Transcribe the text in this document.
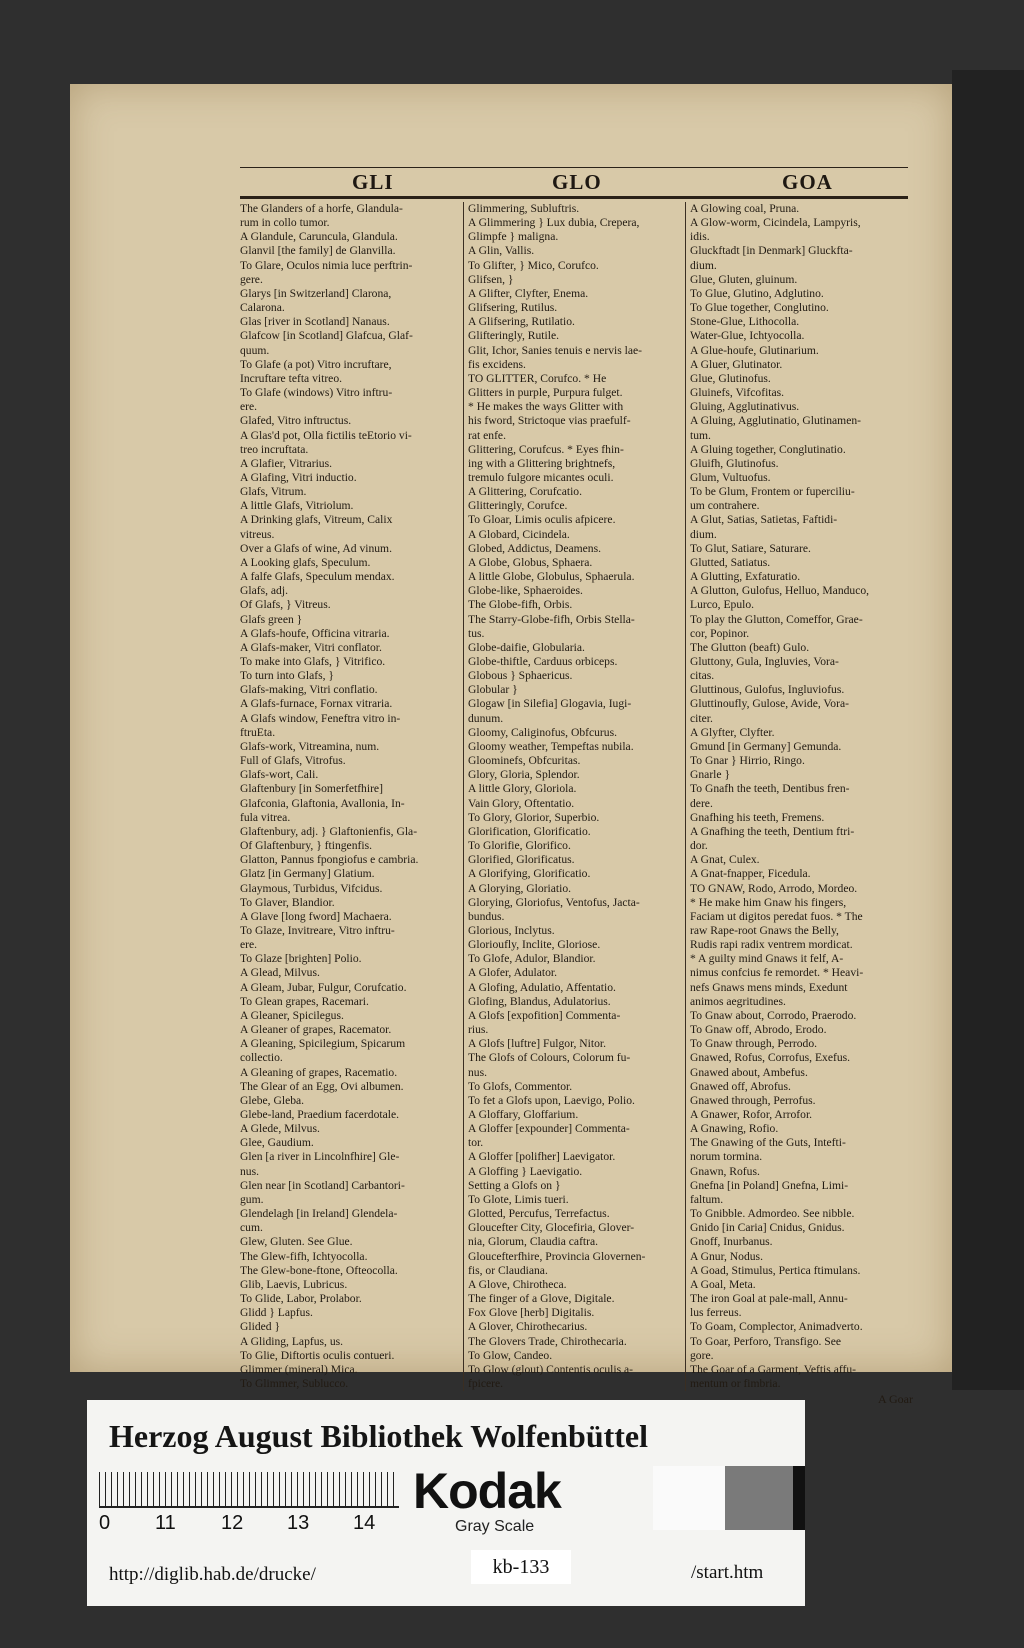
GLI	GLO	GOA
The Glanders of a horfe, Glandula-
rum in collo tumor.
A Glandule, Caruncula, Glandula.
Glanvil [the family] de Glanvilla.
To Glare, Oculos nimia luce perftrin-
gere.
Glarys [in Switzerland] Clarona,
Calarona.
Glas [river in Scotland] Nanaus.
Glafcow [in Scotland] Glafcua, Glaf-
quum.
To Glafe (a pot) Vitro incruftare,
Incruftare tefta vitreo.
To Glafe (windows) Vitro inftru-
ere.
Glafed, Vitro inftructus.
A Glas'd pot, Olla fictilis teEtorio vi-
treo incruftata.
A Glafier, Vitrarius.
A Glafing, Vitri inductio.
Glafs, Vitrum.
A little Glafs, Vitriolum.
A Drinking glafs, Vitreum, Calix
vitreus.
Over a Glafs of wine, Ad vinum.
A Looking glafs, Speculum.
A falfe Glafs, Speculum mendax.
Glafs, adj.
Of Glafs, } Vitreus.
Glafs green }
A Glafs-houfe, Officina vitraria.
A Glafs-maker, Vitri conflator.
To make into Glafs, } Vitrifico.
To turn into Glafs, }
Glafs-making, Vitri conflatio.
A Glafs-furnace, Fornax vitraria.
A Glafs window, Feneftra vitro in-
ftruEta.
Glafs-work, Vitreamina, num.
Full of Glafs, Vitrofus.
Glafs-wort, Cali.
Glaftenbury [in Somerfetfhire]
Glafconia, Glaftonia, Avallonia, In-
fula vitrea.
Glaftenbury, adj. } Glaftonienfis, Gla-
Of Glaftenbury, } ftingenfis.
Glatton, Pannus fpongiofus e cambria.
Glatz [in Germany] Glatium.
Glaymous, Turbidus, Vifcidus.
To Glaver, Blandior.
A Glave [long fword] Machaera.
To Glaze, Invitreare, Vitro inftru-
ere.
To Glaze [brighten] Polio.
A Glead, Milvus.
A Gleam, Jubar, Fulgur, Corufcatio.
To Glean grapes, Racemari.
A Gleaner, Spicilegus.
A Gleaner of grapes, Racemator.
A Gleaning, Spicilegium, Spicarum
collectio.
A Gleaning of grapes, Racematio.
The Glear of an Egg, Ovi albumen.
Glebe, Gleba.
Glebe-land, Praedium facerdotale.
A Glede, Milvus.
Glee, Gaudium.
Glen [a river in Lincolnfhire] Gle-
nus.
Glen near [in Scotland] Carbantori-
gum.
Glendelagh [in Ireland] Glendela-
cum.
Glew, Gluten. See Glue.
The Glew-fifh, Ichtyocolla.
The Glew-bone-ftone, Ofteocolla.
Glib, Laevis, Lubricus.
To Glide, Labor, Prolabor.
Glidd } Lapfus.
Glided }
A Gliding, Lapfus, us.
To Glie, Diftortis oculis contueri.
Glimmer (mineral) Mica.
To Glimmer, Sublucco.
Glimmering, Subluftris.
A Glimmering } Lux dubia, Crepera,
Glimpfe } maligna.
A Glin, Vallis.
To Glifter, } Mico, Corufco.
Glifsen, }
A Glifter, Clyfter, Enema.
Glifsering, Rutilus.
A Glifsering, Rutilatio.
Glifteringly, Rutile.
Glit, Ichor, Sanies tenuis e nervis lae-
fis excidens.
TO GLITTER, Corufco. * He
Glitters in purple, Purpura fulget.
* He makes the ways Glitter with
his fword, Strictoque vias praefulf-
rat enfe.
Glittering, Corufcus. * Eyes fhin-
ing with a Glittering brightnefs,
tremulo fulgore micantes oculi.
A Glittering, Corufcatio.
Glitteringly, Corufce.
To Gloar, Limis oculis afpicere.
A Globard, Cicindela.
Globed, Addictus, Deamens.
A Globe, Globus, Sphaera.
A little Globe, Globulus, Sphaerula.
Globe-like, Sphaeroides.
The Globe-fifh, Orbis.
The Starry-Globe-fifh, Orbis Stella-
tus.
Globe-daifie, Globularia.
Globe-thiftle, Carduus orbiceps.
Globous } Sphaericus.
Globular }
Glogaw [in Silefia] Glogavia, Iugi-
dunum.
Gloomy, Caliginofus, Obfcurus.
Gloomy weather, Tempeftas nubila.
Gloominefs, Obfcuritas.
Glory, Gloria, Splendor.
A little Glory, Gloriola.
Vain Glory, Oftentatio.
To Glory, Glorior, Superbio.
Glorification, Glorificatio.
To Glorifie, Glorifico.
Glorified, Glorificatus.
A Glorifying, Glorificatio.
A Glorying, Gloriatio.
Glorying, Gloriofus, Ventofus, Jacta-
bundus.
Glorious, Inclytus.
Glorioufly, Inclite, Gloriose.
To Glofe, Adulor, Blandior.
A Glofer, Adulator.
A Glofing, Adulatio, Affentatio.
Glofing, Blandus, Adulatorius.
A Glofs [expofition] Commenta-
rius.
A Glofs [luftre] Fulgor, Nitor.
The Glofs of Colours, Colorum fu-
nus.
To Glofs, Commentor.
To fet a Glofs upon, Laevigo, Polio.
A Gloffary, Gloffarium.
A Gloffer [expounder] Commenta-
tor.
A Gloffer [polifher] Laevigator.
A Gloffing } Laevigatio.
Setting a Glofs on }
To Glote, Limis tueri.
Glotted, Percufus, Terrefactus.
Gloucefter City, Glocefiria, Glover-
nia, Glorum, Claudia caftra.
Gloucefterfhire, Provincia Glovernen-
fis, or Claudiana.
A Glove, Chirotheca.
The finger of a Glove, Digitale.
Fox Glove [herb] Digitalis.
A Glover, Chirothecarius.
The Glovers Trade, Chirothecaria.
To Glow, Candeo.
To Glow (glout) Contentis oculis a-
fpicere.
A Glowing coal, Pruna.
A Glow-worm, Cicindela, Lampyris,
idis.
Gluckftadt [in Denmark] Gluckfta-
dium.
Glue, Gluten, gluinum.
To Glue, Glutino, Adglutino.
To Glue together, Conglutino.
Stone-Glue, Lithocolla.
Water-Glue, Ichtyocolla.
A Glue-houfe, Glutinarium.
A Gluer, Glutinator.
Glue, Glutinofus.
Gluinefs, Vifcofitas.
Gluing, Agglutinativus.
A Gluing, Agglutinatio, Glutinamen-
tum.
A Gluing together, Conglutinatio.
Gluifh, Glutinofus.
Glum, Vultuofus.
To be Glum, Frontem or fuperciliu-
um contrahere.
A Glut, Satias, Satietas, Faftidi-
dium.
To Glut, Satiare, Saturare.
Glutted, Satiatus.
A Glutting, Exfaturatio.
A Glutton, Gulofus, Helluo, Manduco,
Lurco, Epulo.
To play the Glutton, Comeffor, Grae-
cor, Popinor.
The Glutton (beaft) Gulo.
Gluttony, Gula, Ingluvies, Vora-
citas.
Gluttinous, Gulofus, Ingluviofus.
Gluttinoufly, Gulose, Avide, Vora-
citer.
A Glyfter, Clyfter.
Gmund [in Germany] Gemunda.
To Gnar } Hirrio, Ringo.
Gnarle }
To Gnafh the teeth, Dentibus fren-
dere.
Gnafhing his teeth, Fremens.
A Gnafhing the teeth, Dentium ftri-
dor.
A Gnat, Culex.
A Gnat-fnapper, Ficedula.
TO GNAW, Rodo, Arrodo, Mordeo.
* He make him Gnaw his fingers,
Faciam ut digitos peredat fuos. * The
raw Rape-root Gnaws the Belly,
Rudis rapi radix ventrem mordicat.
* A guilty mind Gnaws it felf, A-
nimus confcius fe remordet. * Heavi-
nefs Gnaws mens minds, Exedunt
animos aegritudines.
To Gnaw about, Corrodo, Praerodo.
To Gnaw off, Abrodo, Erodo.
To Gnaw through, Perrodo.
Gnawed, Rofus, Corrofus, Exefus.
Gnawed about, Ambefus.
Gnawed off, Abrofus.
Gnawed through, Perrofus.
A Gnawer, Rofor, Arrofor.
A Gnawing, Rofio.
The Gnawing of the Guts, Intefti-
norum tormina.
Gnawn, Rofus.
Gnefna [in Poland] Gnefna, Limi-
faltum.
To Gnibble. Admordeo. See nibble.
Gnido [in Caria] Cnidus, Gnidus.
Gnoff, Inurbanus.
A Gnur, Nodus.
A Goad, Stimulus, Pertica ftimulans.
A Goal, Meta.
The iron Goal at pale-mall, Annu-
lus ferreus.
To Goam, Complector, Animadverto.
To Goar, Perforo, Transfigo. See
gore.
The Goar of a Garment, Veftis affu-
mentum or fimbria.
A Goar
Herzog August Bibliothek Wolfenbüttel
0 11 12 13 14
Kodak
Gray Scale
kb-133
http://diglib.hab.de/drucke/	/start.htm
